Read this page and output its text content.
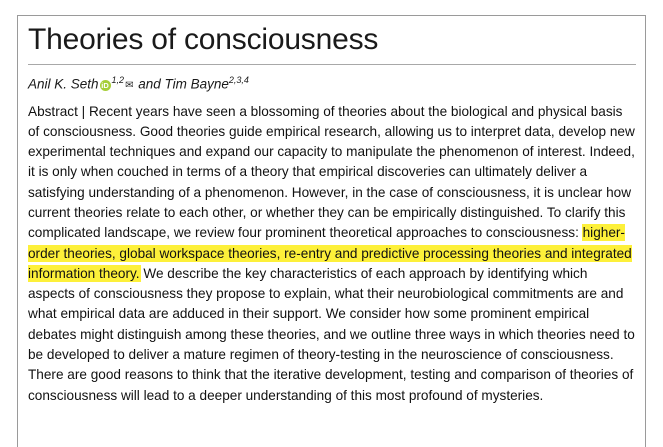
Theories of consciousness
Anil K. Seth iD $^{1,2}$✉ and Tim Bayne$^{2,3,4}$
Abstract | Recent years have seen a blossoming of theories about the biological and physical basis of consciousness. Good theories guide empirical research, allowing us to interpret data, develop new experimental techniques and expand our capacity to manipulate the phenomenon of interest. Indeed, it is only when couched in terms of a theory that empirical discoveries can ultimately deliver a satisfying understanding of a phenomenon. However, in the case of consciousness, it is unclear how current theories relate to each other, or whether they can be empirically distinguished. To clarify this complicated landscape, we review four prominent theoretical approaches to consciousness: higher-order theories, global workspace theories, re-entry and predictive processing theories and integrated information theory. We describe the key characteristics of each approach by identifying which aspects of consciousness they propose to explain, what their neurobiological commitments are and what empirical data are adduced in their support. We consider how some prominent empirical debates might distinguish among these theories, and we outline three ways in which theories need to be developed to deliver a mature regimen of theory-testing in the neuroscience of consciousness. There are good reasons to think that the iterative development, testing and comparison of theories of consciousness will lead to a deeper understanding of this most profound of mysteries.
